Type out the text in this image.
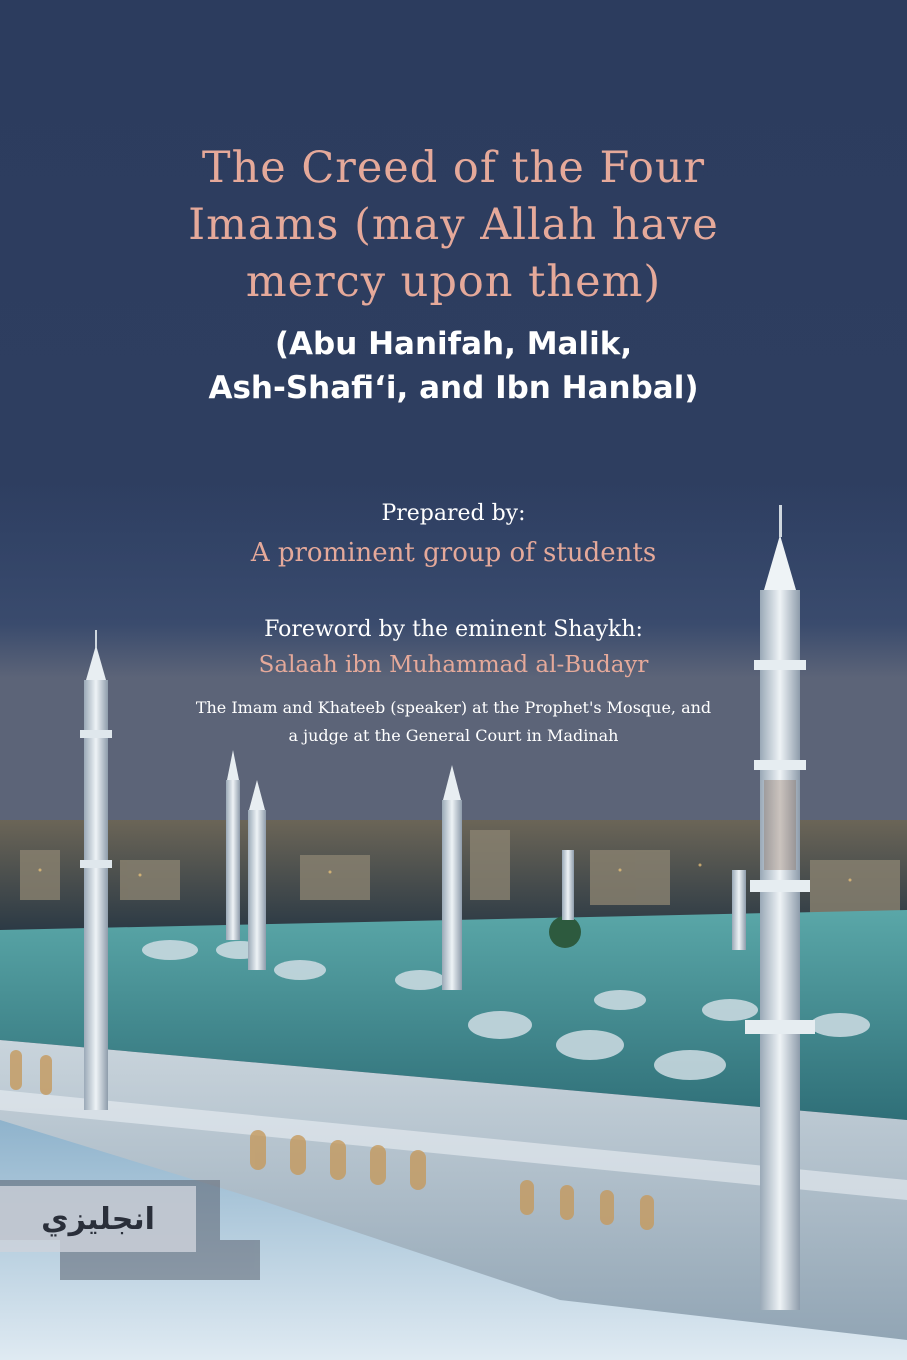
The Creed of the Four
Imams (may Allah have
mercy upon them)
(Abu Hanifah, Malik,
Ash-Shafi‘i, and Ibn Hanbal)
Prepared by:
A prominent group of students
Foreword by the eminent Shaykh:
Salaah ibn Muhammad al-Budayr
The Imam and Khateeb (speaker) at the Prophet's Mosque, and
a judge at the General Court in Madinah
انجليزي
